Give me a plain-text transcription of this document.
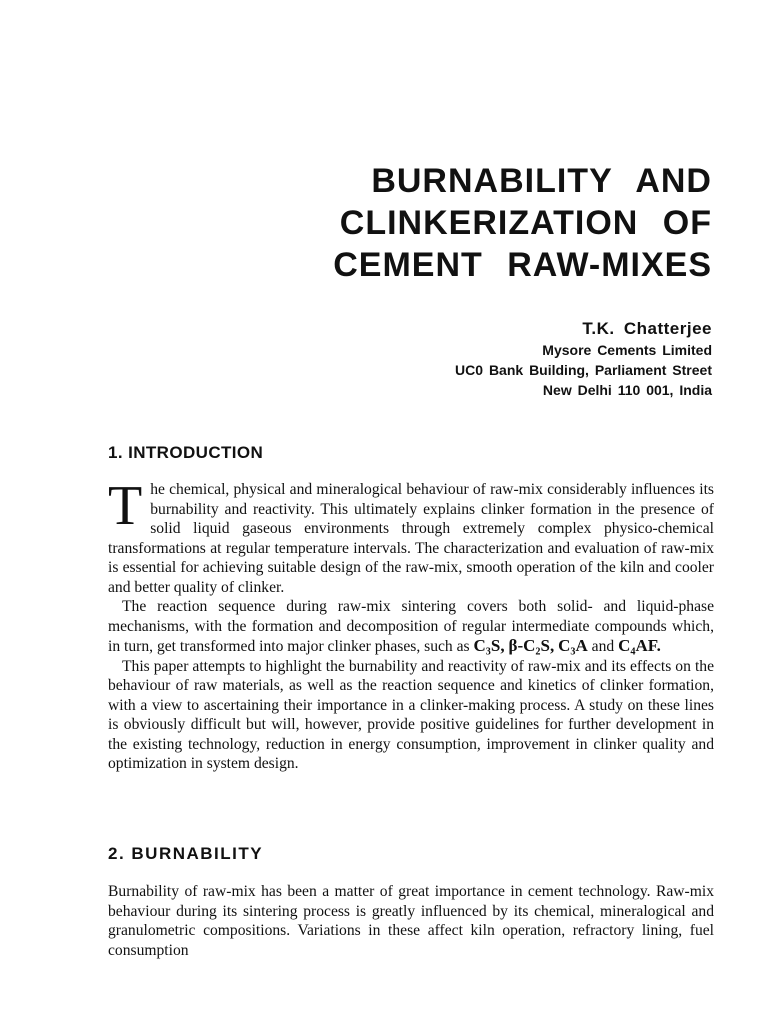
BURNABILITY AND
CLINKERIZATION OF
CEMENT RAW-MIXES
T.K. Chatterjee
Mysore Cements Limited
UC0 Bank Building, Parliament Street
New Delhi 110 001, India
1. INTRODUCTION

The chemical, physical and mineralogical behaviour of raw-mix considerably influences its burnability and reactivity. This ultimately explains clinker formation in the presence of solid liquid gaseous environments through extremely complex physico-chemical transformations at regular temperature intervals. The characterization and evaluation of raw-mix is essential for achieving suitable design of the raw-mix, smooth operation of the kiln and cooler and better quality of clinker.

The reaction sequence during raw-mix sintering covers both solid- and liquid-phase mechanisms, with the formation and decomposition of regular intermediate compounds which, in turn, get transformed into major clinker phases, such as C₃S, β-C₂S, C₃A and C₄AF.

This paper attempts to highlight the burnability and reactivity of raw-mix and its effects on the behaviour of raw materials, as well as the reaction sequence and kinetics of clinker formation, with a view to ascertaining their importance in a clinker-making process. A study on these lines is obviously difficult but will, however, provide positive guidelines for further development in the existing technology, reduction in energy consumption, improvement in clinker quality and optimization in system design.

2. BURNABILITY

Burnability of raw-mix has been a matter of great importance in cement technology. Raw-mix behaviour during its sintering process is greatly influenced by its chemical, mineralogical and granulometric compositions. Variations in these affect kiln operation, refractory lining, fuel consumption
